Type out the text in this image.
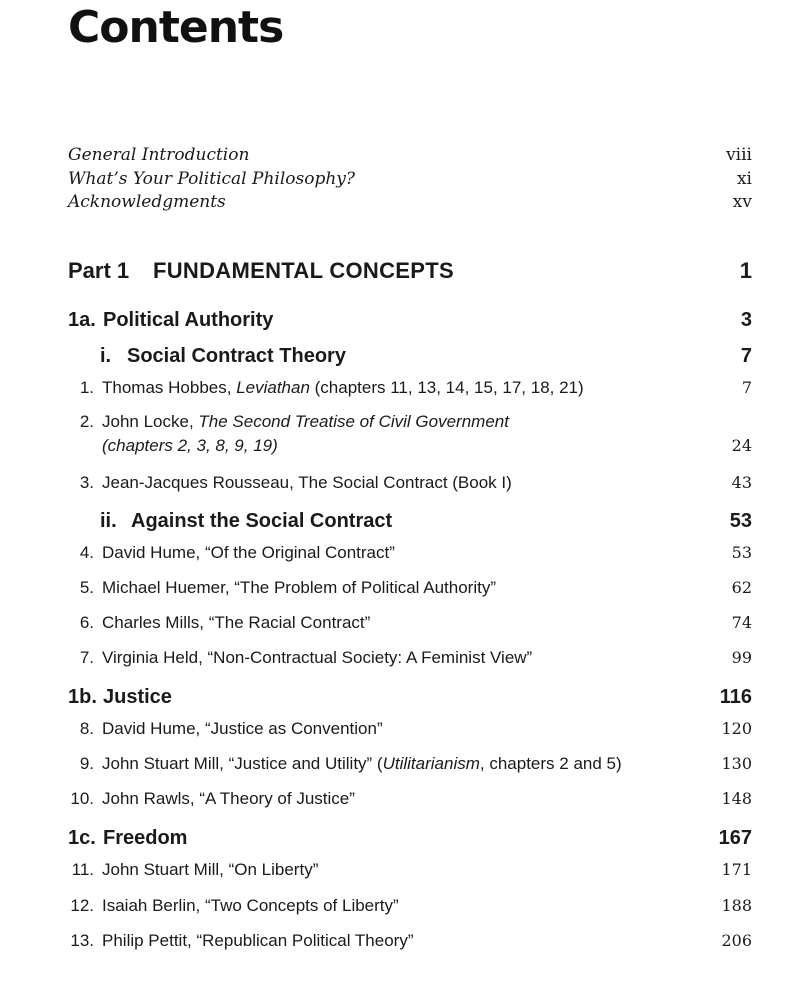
Contents
General Introduction	viii
What’s Your Political Philosophy?	xi
Acknowledgments	xv
Part 1 FUNDAMENTAL CONCEPTS	1
1a. Political Authority	3
i. Social Contract Theory	7
1. Thomas Hobbes, Leviathan (chapters 11, 13, 14, 15, 17, 18, 21)	7
2. John Locke, The Second Treatise of Civil Government
(chapters 2, 3, 8, 9, 19)	24
3. Jean-Jacques Rousseau, The Social Contract (Book I)	43
ii. Against the Social Contract	53
4. David Hume, “Of the Original Contract”	53
5. Michael Huemer, “The Problem of Political Authority”	62
6. Charles Mills, “The Racial Contract”	74
7. Virginia Held, “Non-Contractual Society: A Feminist View”	99
1b. Justice	116
8. David Hume, “Justice as Convention”	120
9. John Stuart Mill, “Justice and Utility” (Utilitarianism, chapters 2 and 5)	130
10. John Rawls, “A Theory of Justice”	148
1c. Freedom	167
11. John Stuart Mill, “On Liberty”	171
12. Isaiah Berlin, “Two Concepts of Liberty”	188
13. Philip Pettit, “Republican Political Theory”	206
